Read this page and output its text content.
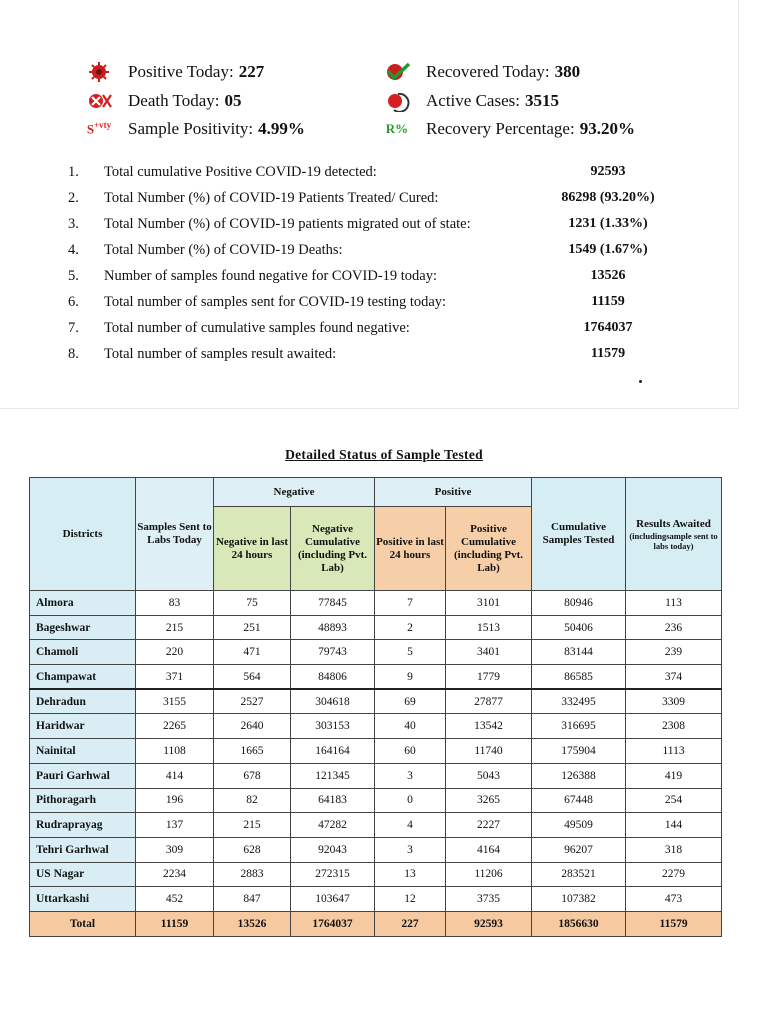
Positive Today: 227
Death Today: 05
$S^{+vty}$ Sample Positivity: 4.99%
Recovered Today: 380
Active Cases: 3515
R% Recovery Percentage: 93.20%
1. Total cumulative Positive COVID-19 detected:	92593
2. Total Number (%) of COVID-19 Patients Treated/ Cured:	86298 (93.20%)
3. Total Number (%) of COVID-19 patients migrated out of state:	1231 (1.33%)
4. Total Number (%) of COVID-19 Deaths:	1549 (1.67%)
5. Number of samples found negative for COVID-19 today:	13526
6. Total number of samples sent for COVID-19 testing today:	11159
7. Total number of cumulative samples found negative:	1764037
8. Total number of samples result awaited:	11579
Detailed Status of Sample Tested
Districts	Samples Sent to Labs Today	Negative		Positive		Cumulative Samples Tested	Results Awaited
(includingsample sent to labs today)

		Negative in last 24 hours	Negative Cumulative (including Pvt. Lab)	Positive in last 24 hours	Positive Cumulative (including Pvt. Lab)		
Almora	83	75	77845	7	3101	80946	113
Bageshwar	215	251	48893	2	1513	50406	236
Chamoli	220	471	79743	5	3401	83144	239
Champawat	371	564	84806	9	1779	86585	374
Dehradun	3155	2527	304618	69	27877	332495	3309
Haridwar	2265	2640	303153	40	13542	316695	2308
Nainital	1108	1665	164164	60	11740	175904	1113
Pauri Garhwal	414	678	121345	3	5043	126388	419
Pithoragarh	196	82	64183	0	3265	67448	254
Rudraprayag	137	215	47282	4	2227	49509	144
Tehri Garhwal	309	628	92043	3	4164	96207	318
US Nagar	2234	2883	272315	13	11206	283521	2279
Uttarkashi	452	847	103647	12	3735	107382	473
Total	11159	13526	1764037	227	92593	1856630	11579
